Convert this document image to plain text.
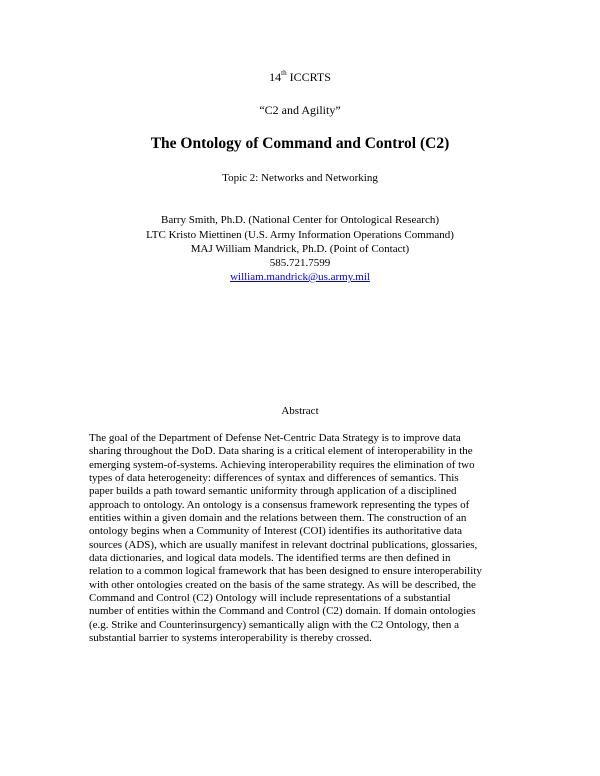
14th ICCRTS
“C2 and Agility”
The Ontology of Command and Control (C2)
Topic 2: Networks and Networking
Barry Smith, Ph.D. (National Center for Ontological Research)
LTC Kristo Miettinen (U.S. Army Information Operations Command)
MAJ William Mandrick, Ph.D. (Point of Contact)
585.721.7599
william.mandrick@us.army.mil
Abstract

The goal of the Department of Defense Net-Centric Data Strategy is to improve data
sharing throughout the DoD. Data sharing is a critical element of interoperability in the
emerging system-of-systems. Achieving interoperability requires the elimination of two
types of data heterogeneity: differences of syntax and differences of semantics. This
paper builds a path toward semantic uniformity through application of a disciplined
approach to ontology. An ontology is a consensus framework representing the types of
entities within a given domain and the relations between them. The construction of an
ontology begins when a Community of Interest (COI) identifies its authoritative data
sources (ADS), which are usually manifest in relevant doctrinal publications, glossaries,
data dictionaries, and logical data models. The identified terms are then defined in
relation to a common logical framework that has been designed to ensure interoperability
with other ontologies created on the basis of the same strategy. As will be described, the
Command and Control (C2) Ontology will include representations of a substantial
number of entities within the Command and Control (C2) domain. If domain ontologies
(e.g. Strike and Counterinsurgency) semantically align with the C2 Ontology, then a
substantial barrier to systems interoperability is thereby crossed.
